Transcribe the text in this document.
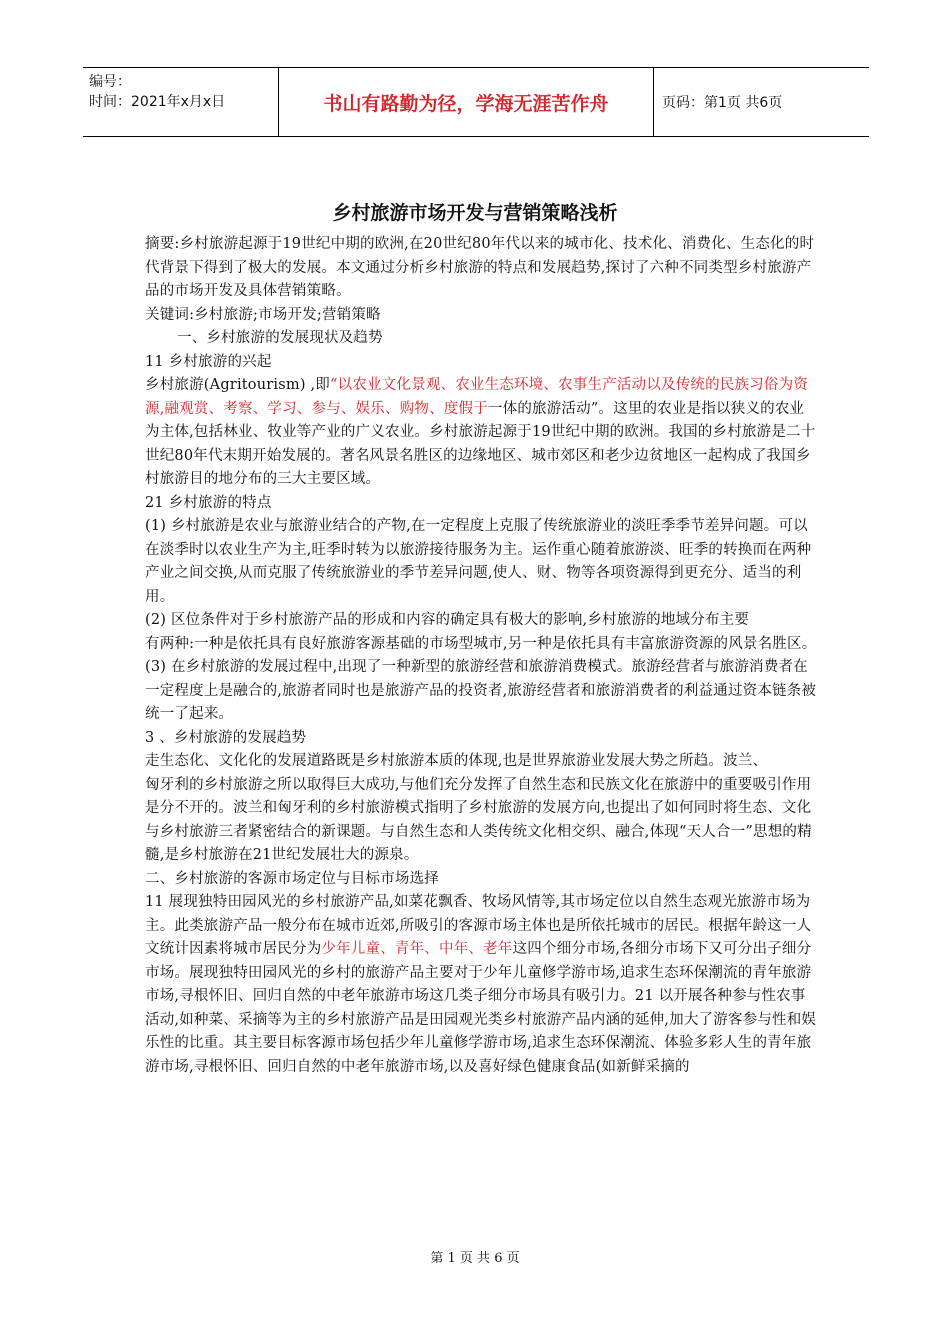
编号：
时间：2021年x月x日	书山有路勤为径，学海无涯苦作舟	页码：第1页 共6页
乡村旅游市场开发与营销策略浅析

摘要:乡村旅游起源于19世纪中期的欧洲,在20世纪80年代以来的城市化、技术化、消费化、生态化的时代背景下得到了极大的发展。本文通过分析乡村旅游的特点和发展趋势,探讨了六种不同类型乡村旅游产品的市场开发及具体营销策略。

关键词:乡村旅游;市场开发;营销策略

一、乡村旅游的发展现状及趋势

11 乡村旅游的兴起

乡村旅游(Agritourism) ,即“以农业文化景观、农业生态环境、农事生产活动以及传统的民族习俗为资源,融观赏、考察、学习、参与、娱乐、购物、度假于一体的旅游活动”。这里的农业是指以狭义的农业为主体,包括林业、牧业等产业的广义农业。乡村旅游起源于19世纪中期的欧洲。我国的乡村旅游是二十世纪80年代末期开始发展的。著名风景名胜区的边缘地区、城市郊区和老少边贫地区一起构成了我国乡村旅游目的地分布的三大主要区域。

21 乡村旅游的特点

(1) 乡村旅游是农业与旅游业结合的产物,在一定程度上克服了传统旅游业的淡旺季季节差异问题。可以在淡季时以农业生产为主,旺季时转为以旅游接待服务为主。运作重心随着旅游淡、旺季的转换而在两种产业之间交换,从而克服了传统旅游业的季节差异问题,使人、财、物等各项资源得到更充分、适当的利用。

(2) 区位条件对于乡村旅游产品的形成和内容的确定具有极大的影响,乡村旅游的地域分布主要

有两种:一种是依托具有良好旅游客源基础的市场型城市,另一种是依托具有丰富旅游资源的风景名胜区。

(3) 在乡村旅游的发展过程中,出现了一种新型的旅游经营和旅游消费模式。旅游经营者与旅游消费者在一定程度上是融合的,旅游者同时也是旅游产品的投资者,旅游经营者和旅游消费者的利益通过资本链条被统一了起来。

3 、乡村旅游的发展趋势

走生态化、文化化的发展道路既是乡村旅游本质的体现,也是世界旅游业发展大势之所趋。波兰、

匈牙利的乡村旅游之所以取得巨大成功,与他们充分发挥了自然生态和民族文化在旅游中的重要吸引作用是分不开的。波兰和匈牙利的乡村旅游模式指明了乡村旅游的发展方向,也提出了如何同时将生态、文化与乡村旅游三者紧密结合的新课题。与自然生态和人类传统文化相交织、融合,体现“天人合一”思想的精髓,是乡村旅游在21世纪发展壮大的源泉。

二、乡村旅游的客源市场定位与目标市场选择

11 展现独特田园风光的乡村旅游产品,如菜花飘香、牧场风情等,其市场定位以自然生态观光旅游市场为主。此类旅游产品一般分布在城市近郊,所吸引的客源市场主体也是所依托城市的居民。根据年龄这一人文统计因素将城市居民分为少年儿童、青年、中年、老年这四个细分市场,各细分市场下又可分出子细分市场。展现独特田园风光的乡村的旅游产品主要对于少年儿童修学游市场,追求生态环保潮流的青年旅游市场,寻根怀旧、回归自然的中老年旅游市场这几类子细分市场具有吸引力。21 以开展各种参与性农事活动,如种菜、采摘等为主的乡村旅游产品是田园观光类乡村旅游产品内涵的延伸,加大了游客参与性和娱乐性的比重。其主要目标客源市场包括少年儿童修学游市场,追求生态环保潮流、体验多彩人生的青年旅游市场,寻根怀旧、回归自然的中老年旅游市场,以及喜好绿色健康食品(如新鲜采摘的

第 1 页 共 6 页
